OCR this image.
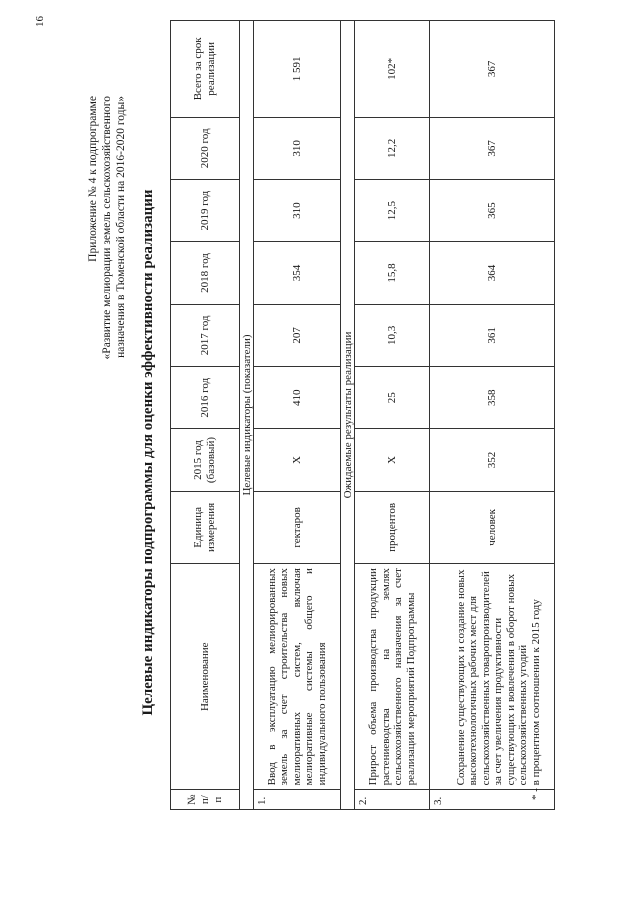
16
Приложение № 4 к подпрограмме «Развитие мелиорации земель сельскохозяйственного назначения в Тюменской области на 2016-2020 годы» Целевые индикаторы подпрограммы для оценки эффективности реализации
№ п/ п	Наименование	Единица измерения	2015 год (базовый)	2016 год	2017 год	2018 год	2019 год	2020 год	Всего за срок реализации
Целевые индикаторы (показатели)									
1.	Ввод в эксплуатацию мелиорированных земель за счет строительства новых мелиоративных систем, включая мелиоративные системы общего и индивидуального пользования	гектаров	Х	410	207	354	310	310	1 591
Ожидаемые результаты реализации									
2.	Прирост объема производства продукции растениеводства на землях сельскохозяйственного назначения за счет реализации мероприятий Подпрограммы	процентов	Х	25	10,3	15,8	12,5	12,2	102*
3.	Сохранение существующих и создание новых высокотехнологичных рабочих мест для сельскохозяйственных товаропроизводителей за счет увеличения продуктивности существующих и вовлечения в оборот новых сельскохозяйственных угодий	человек	352	358	361	364	365	367	367
* - в процентном соотношении к 2015 году
